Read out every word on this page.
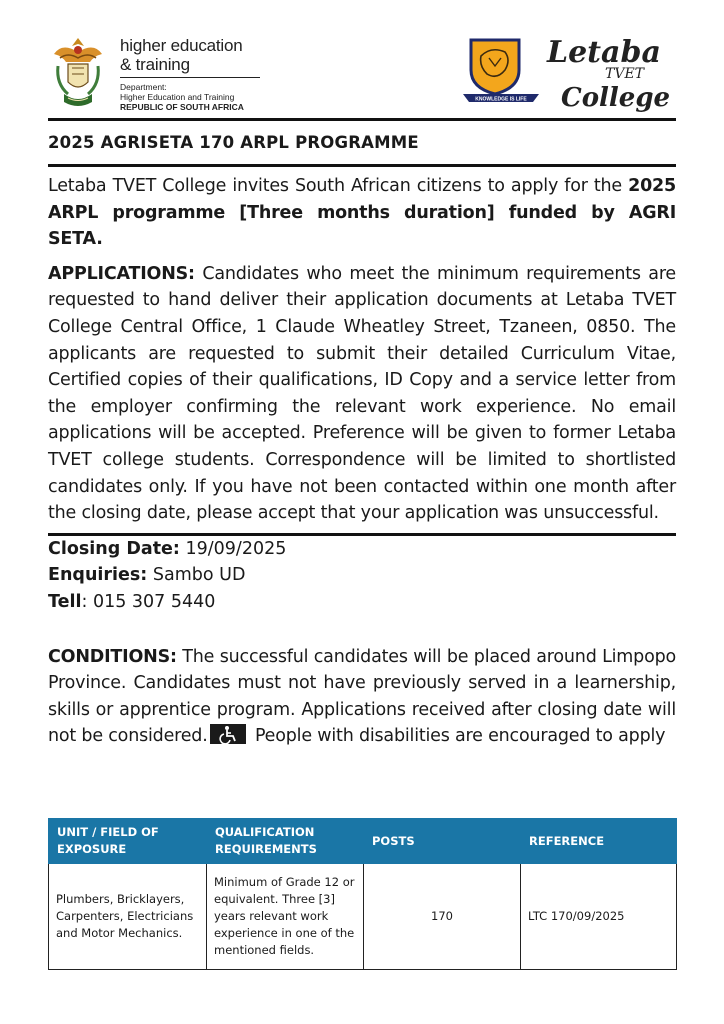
higher education
& training
Department:
Higher Education and Training
REPUBLIC OF SOUTH AFRICA
KNOWLEDGE IS LIFE
Letaba
TVET
College
2025 AGRISETA 170 ARPL PROGRAMME

Letaba TVET College invites South African citizens to apply for the 2025 ARPL programme [Three months duration] funded by AGRI SETA.

APPLICATIONS: Candidates who meet the minimum requirements are requested to hand deliver their application documents at Letaba TVET College Central Office, 1 Claude Wheatley Street, Tzaneen, 0850. The applicants are requested to submit their detailed Curriculum Vitae, Certified copies of their qualifications, ID Copy and a service letter from the employer confirming the relevant work experience. No email applications will be accepted. Preference will be given to former Letaba TVET college students. Correspondence will be limited to shortlisted candidates only. If you have not been contacted within one month after the closing date, please accept that your application was unsuccessful.

Closing Date: 19/09/2025
Enquiries: Sambo UD
Tell: 015 307 5440

CONDITIONS: The successful candidates will be placed around Limpopo Province. Candidates must not have previously served in a learnership, skills or apprentice program. Applications received after closing date will not be considered. People with disabilities are encouraged to apply

UNIT / FIELD OF EXPOSURE	QUALIFICATION REQUIREMENTS	POSTS	REFERENCE
Plumbers, Bricklayers, Carpenters, Electricians and Motor Mechanics.	Minimum of Grade 12 or equivalent. Three [3] years relevant work experience in one of the mentioned fields.	170	LTC 170/09/2025
